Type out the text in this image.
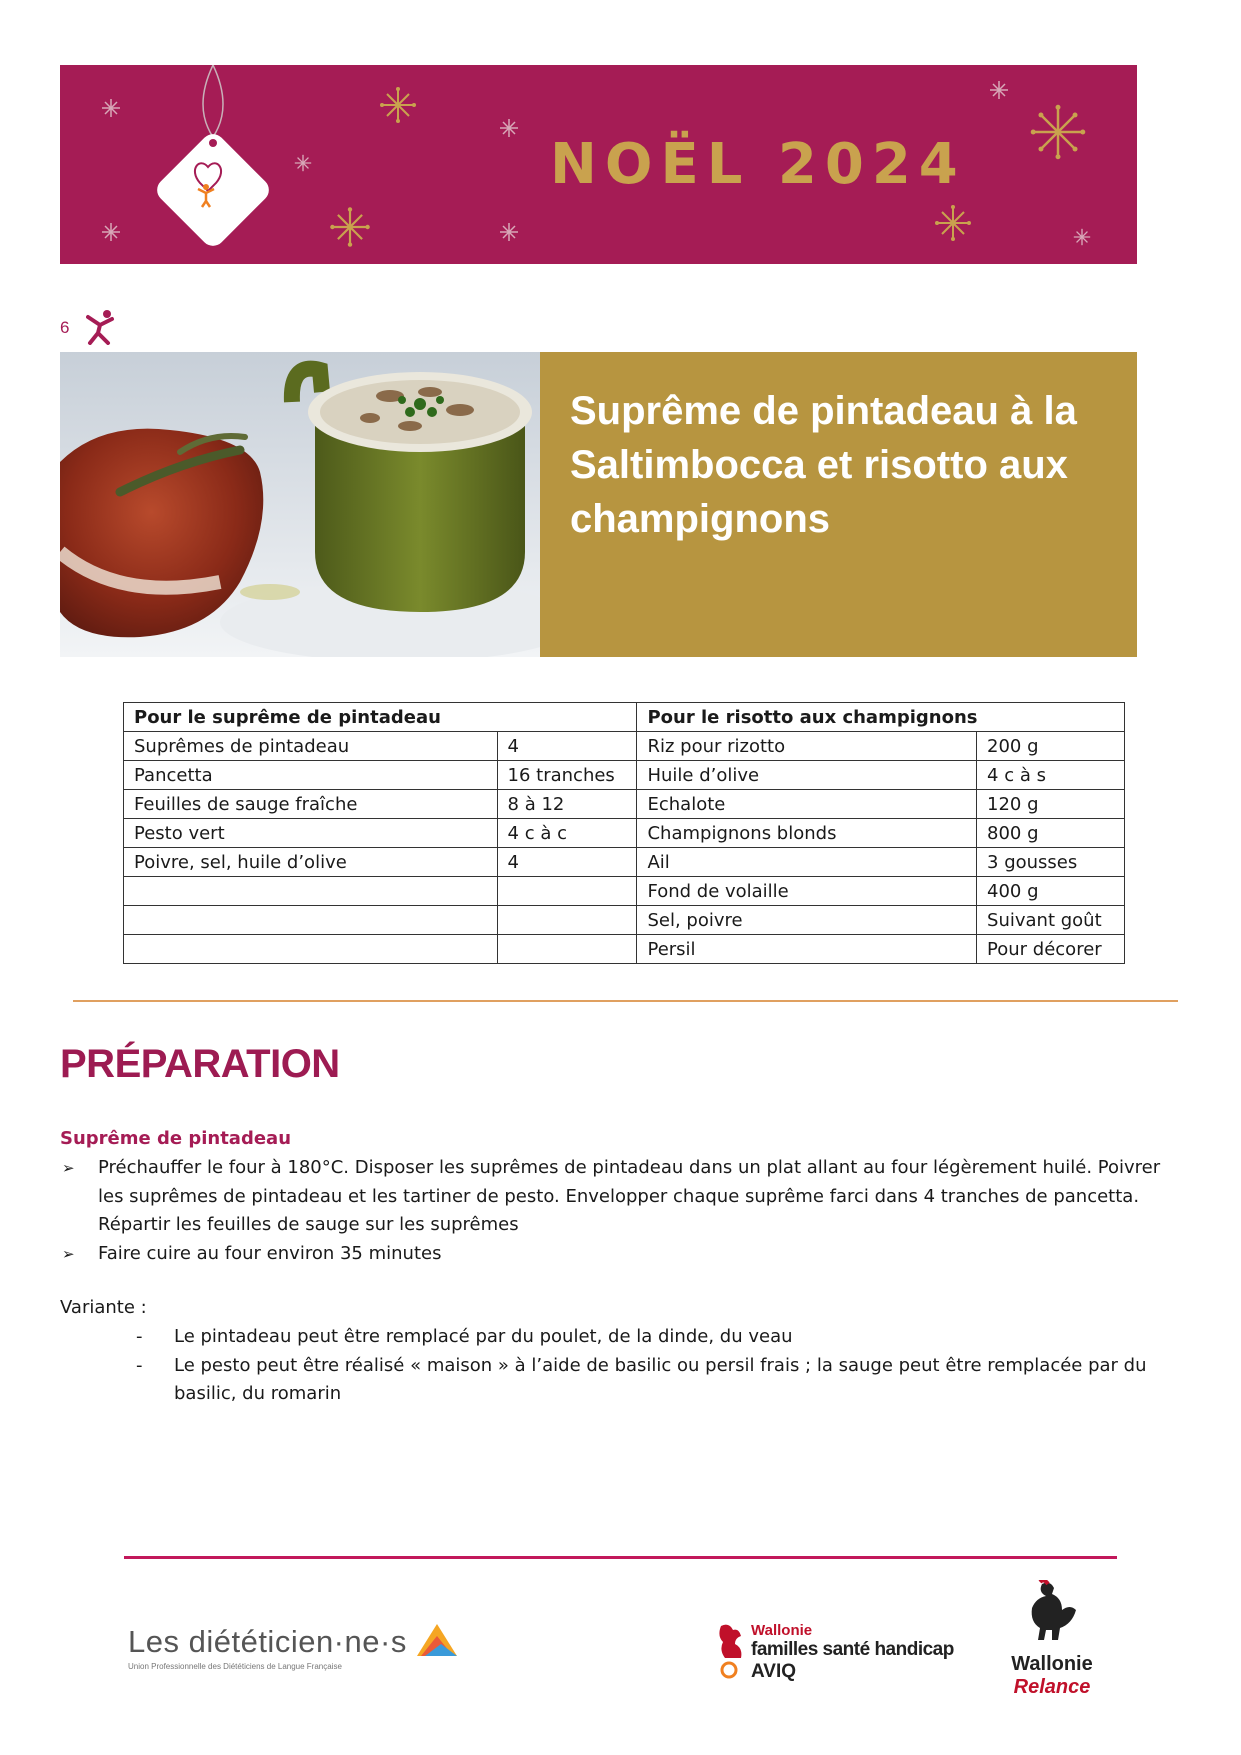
NOËL 2024
6
Suprême de pintadeau à la Saltimbocca et risotto aux champignons
Pour le suprême de pintadeau		Pour le risotto aux champignons	
Suprêmes de pintadeau	4	Riz pour rizotto	200 g
Pancetta	16 tranches	Huile d’olive	4 c à s
Feuilles de sauge fraîche	8 à 12	Echalote	120 g
Pesto vert	4 c à c	Champignons blonds	800 g
Poivre, sel, huile d’olive	4	Ail	3 gousses
		Fond de volaille	400 g
		Sel, poivre	Suivant goût
		Persil	Pour décorer
PRÉPARATION
Suprême de pintadeau
➢ Préchauffer le four à 180°C. Disposer les suprêmes de pintadeau dans un plat allant au four légèrement huilé. Poivrer les suprêmes de pintadeau et les tartiner de pesto. Envelopper chaque suprême farci dans 4 tranches de pancetta. Répartir les feuilles de sauge sur les suprêmes
➢ Faire cuire au four environ 35 minutes
Variante :
- Le pintadeau peut être remplacé par du poulet, de la dinde, du veau
- Le pesto peut être réalisé « maison » à l’aide de basilic ou persil frais ; la sauge peut être remplacée par du basilic, du romarin
Les diététicien·ne·s
Union Professionnelle des Diététiciens de Langue Française
Wallonie
familles santé handicap
AVIQ	Wallonie
Relance
